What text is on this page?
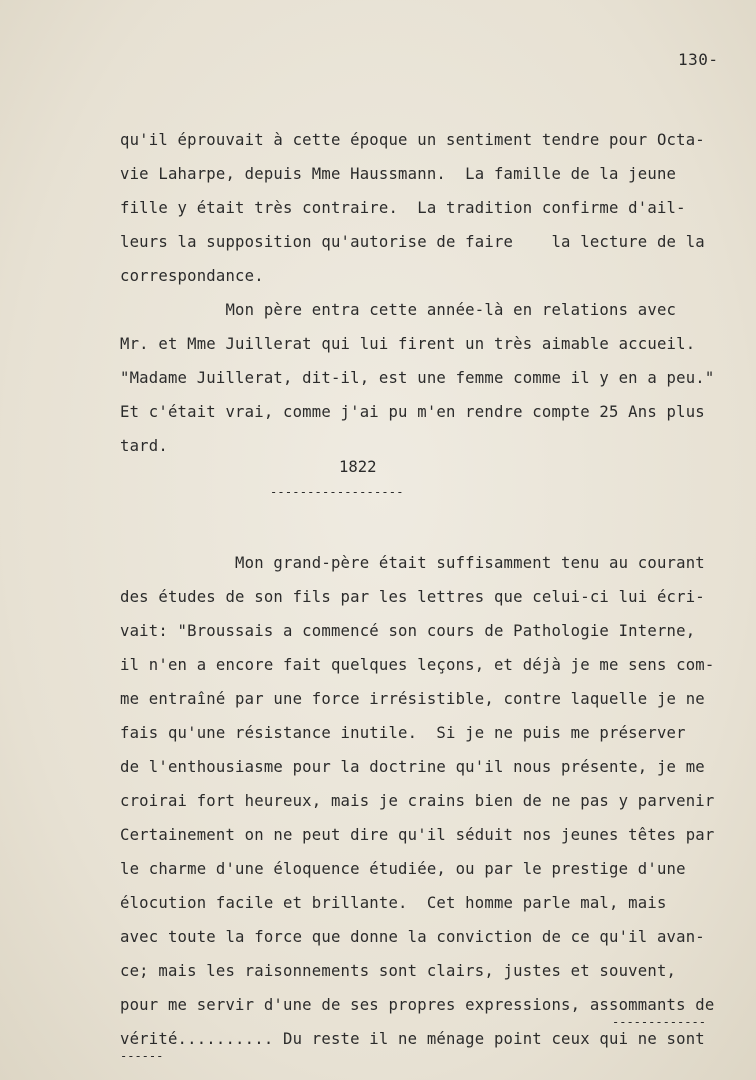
130-
qu'il éprouvait à cette époque un sentiment tendre pour Octa-
vie Laharpe, depuis Mme Haussmann.  La famille de la jeune
fille y était très contraire.  La tradition confirme d'ail-
leurs la supposition qu'autorise de faire    la lecture de la
correspondance.
Mon père entra cette année-là en relations avec
Mr. et Mme Juillerat qui lui firent un très aimable accueil.
"Madame Juillerat, dit-il, est une femme comme il y en a peu."
Et c'était vrai, comme j'ai pu m'en rendre compte 25 Ans plus
tard.
1822
------------------
Mon grand-père était suffisamment tenu au courant
des études de son fils par les lettres que celui-ci lui écri-
vait: "Broussais a commencé son cours de Pathologie Interne,
il n'en a encore fait quelques leçons, et déjà je me sens com-
me entraîné par une force irrésistible, contre laquelle je ne
fais qu'une résistance inutile.  Si je ne puis me préserver
de l'enthousiasme pour la doctrine qu'il nous présente, je me
croirai fort heureux, mais je crains bien de ne pas y parvenir
Certainement on ne peut dire qu'il séduit nos jeunes têtes par
le charme d'une éloquence étudiée, ou par le prestige d'une
élocution facile et brillante.  Cet homme parle mal, mais
avec toute la force que donne la conviction de ce qu'il avan-
ce; mais les raisonnements sont clairs, justes et souvent,
pour me servir d'une de ses propres expressions, assommants de
vérité.......... Du reste il ne ménage point ceux qui ne sont
-------------
------
